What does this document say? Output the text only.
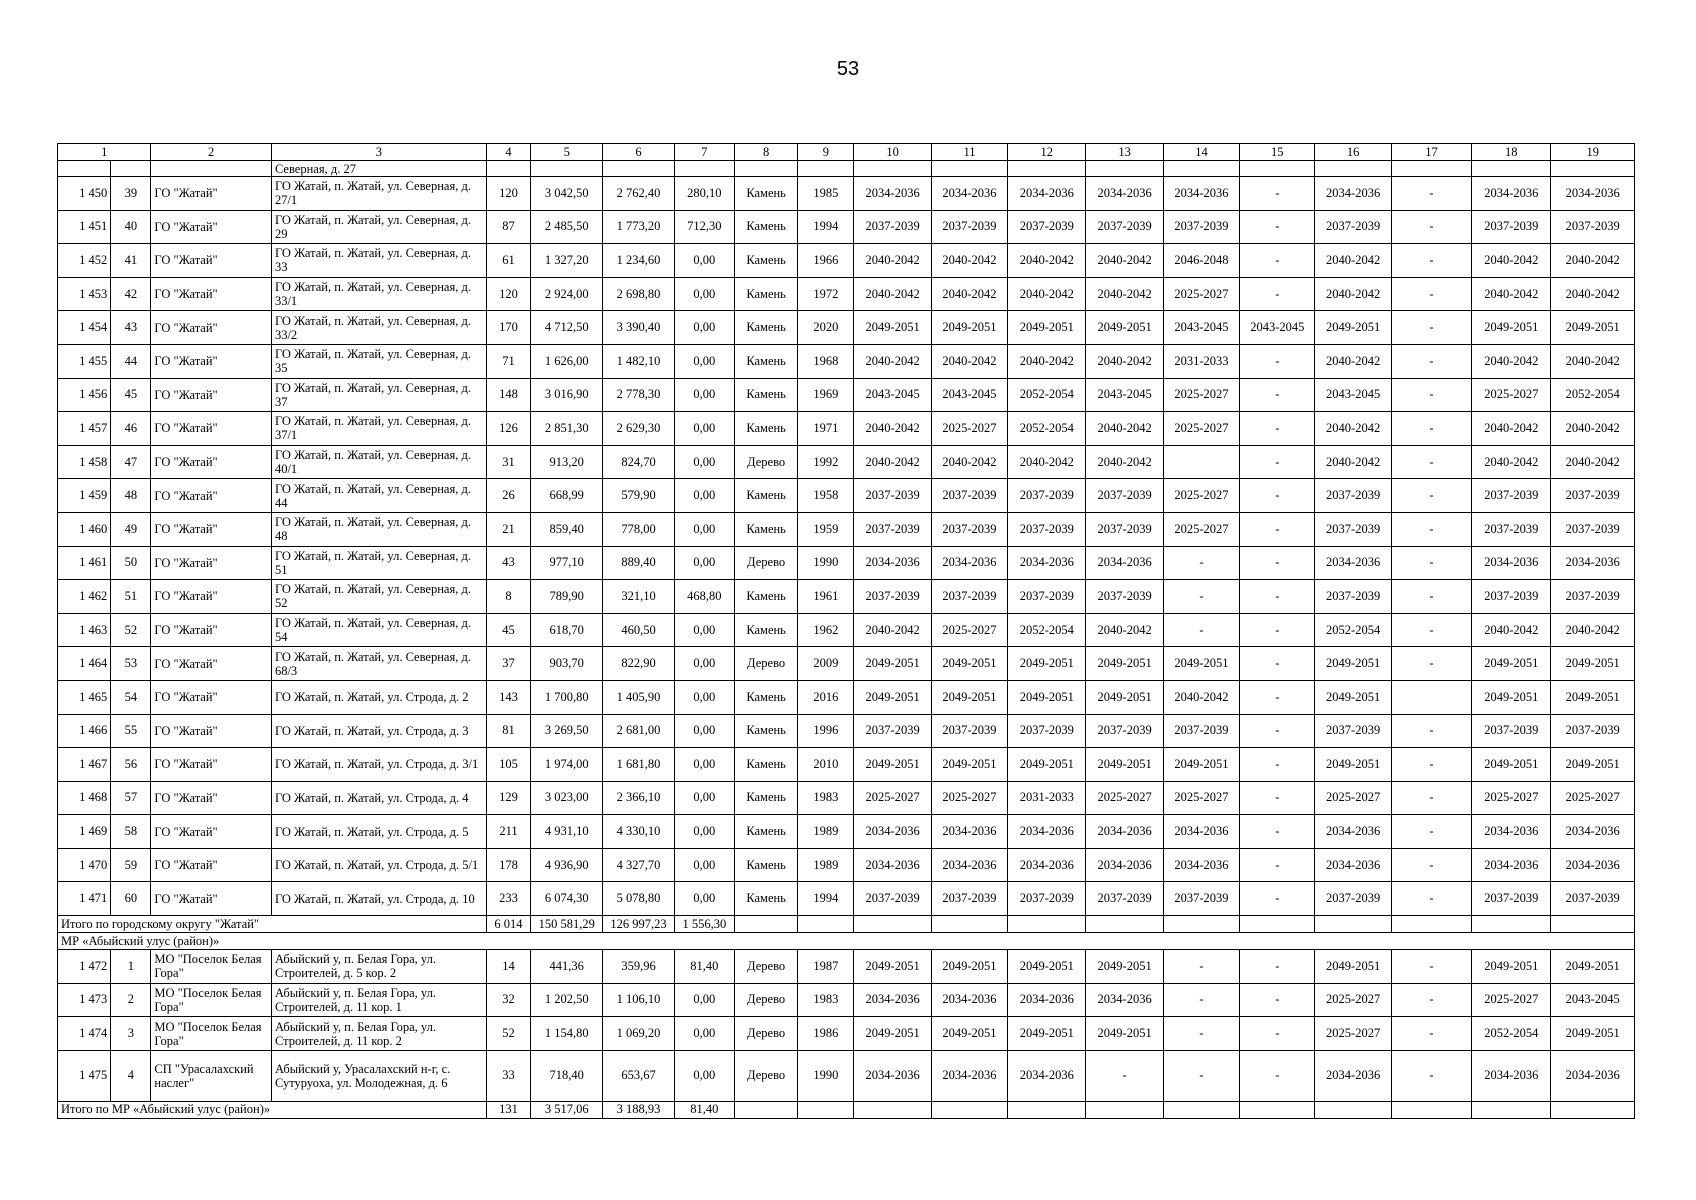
53
1		2	3	4	5	6	7	8	9	10	11	12	13	14	15	16	17	18	19
			Северная, д. 27																
1 450	39	ГО "Жатай"	ГО Жатай, п. Жатай, ул. Северная, д. 27/1	120	3 042,50	2 762,40	280,10	Камень	1985	2034-2036	2034-2036	2034-2036	2034-2036	2034-2036	-	2034-2036	-	2034-2036	2034-2036
1 451	40	ГО "Жатай"	ГО Жатай, п. Жатай, ул. Северная, д. 29	87	2 485,50	1 773,20	712,30	Камень	1994	2037-2039	2037-2039	2037-2039	2037-2039	2037-2039	-	2037-2039	-	2037-2039	2037-2039
1 452	41	ГО "Жатай"	ГО Жатай, п. Жатай, ул. Северная, д. 33	61	1 327,20	1 234,60	0,00	Камень	1966	2040-2042	2040-2042	2040-2042	2040-2042	2046-2048	-	2040-2042	-	2040-2042	2040-2042
1 453	42	ГО "Жатай"	ГО Жатай, п. Жатай, ул. Северная, д. 33/1	120	2 924,00	2 698,80	0,00	Камень	1972	2040-2042	2040-2042	2040-2042	2040-2042	2025-2027	-	2040-2042	-	2040-2042	2040-2042
1 454	43	ГО "Жатай"	ГО Жатай, п. Жатай, ул. Северная, д. 33/2	170	4 712,50	3 390,40	0,00	Камень	2020	2049-2051	2049-2051	2049-2051	2049-2051	2043-2045	2043-2045	2049-2051	-	2049-2051	2049-2051
1 455	44	ГО "Жатай"	ГО Жатай, п. Жатай, ул. Северная, д. 35	71	1 626,00	1 482,10	0,00	Камень	1968	2040-2042	2040-2042	2040-2042	2040-2042	2031-2033	-	2040-2042	-	2040-2042	2040-2042
1 456	45	ГО "Жатай"	ГО Жатай, п. Жатай, ул. Северная, д. 37	148	3 016,90	2 778,30	0,00	Камень	1969	2043-2045	2043-2045	2052-2054	2043-2045	2025-2027	-	2043-2045	-	2025-2027	2052-2054
1 457	46	ГО "Жатай"	ГО Жатай, п. Жатай, ул. Северная, д. 37/1	126	2 851,30	2 629,30	0,00	Камень	1971	2040-2042	2025-2027	2052-2054	2040-2042	2025-2027	-	2040-2042	-	2040-2042	2040-2042
1 458	47	ГО "Жатай"	ГО Жатай, п. Жатай, ул. Северная, д. 40/1	31	913,20	824,70	0,00	Дерево	1992	2040-2042	2040-2042	2040-2042	2040-2042		-	2040-2042	-	2040-2042	2040-2042
1 459	48	ГО "Жатай"	ГО Жатай, п. Жатай, ул. Северная, д. 44	26	668,99	579,90	0,00	Камень	1958	2037-2039	2037-2039	2037-2039	2037-2039	2025-2027	-	2037-2039	-	2037-2039	2037-2039
1 460	49	ГО "Жатай"	ГО Жатай, п. Жатай, ул. Северная, д. 48	21	859,40	778,00	0,00	Камень	1959	2037-2039	2037-2039	2037-2039	2037-2039	2025-2027	-	2037-2039	-	2037-2039	2037-2039
1 461	50	ГО "Жатай"	ГО Жатай, п. Жатай, ул. Северная, д. 51	43	977,10	889,40	0,00	Дерево	1990	2034-2036	2034-2036	2034-2036	2034-2036	-	-	2034-2036	-	2034-2036	2034-2036
1 462	51	ГО "Жатай"	ГО Жатай, п. Жатай, ул. Северная, д. 52	8	789,90	321,10	468,80	Камень	1961	2037-2039	2037-2039	2037-2039	2037-2039	-	-	2037-2039	-	2037-2039	2037-2039
1 463	52	ГО "Жатай"	ГО Жатай, п. Жатай, ул. Северная, д. 54	45	618,70	460,50	0,00	Камень	1962	2040-2042	2025-2027	2052-2054	2040-2042	-	-	2052-2054	-	2040-2042	2040-2042
1 464	53	ГО "Жатай"	ГО Жатай, п. Жатай, ул. Северная, д. 68/3	37	903,70	822,90	0,00	Дерево	2009	2049-2051	2049-2051	2049-2051	2049-2051	2049-2051	-	2049-2051	-	2049-2051	2049-2051
1 465	54	ГО "Жатай"	ГО Жатай, п. Жатай, ул. Строда, д. 2	143	1 700,80	1 405,90	0,00	Камень	2016	2049-2051	2049-2051	2049-2051	2049-2051	2040-2042	-	2049-2051		2049-2051	2049-2051
1 466	55	ГО "Жатай"	ГО Жатай, п. Жатай, ул. Строда, д. 3	81	3 269,50	2 681,00	0,00	Камень	1996	2037-2039	2037-2039	2037-2039	2037-2039	2037-2039	-	2037-2039	-	2037-2039	2037-2039
1 467	56	ГО "Жатай"	ГО Жатай, п. Жатай, ул. Строда, д. 3/1	105	1 974,00	1 681,80	0,00	Камень	2010	2049-2051	2049-2051	2049-2051	2049-2051	2049-2051	-	2049-2051	-	2049-2051	2049-2051
1 468	57	ГО "Жатай"	ГО Жатай, п. Жатай, ул. Строда, д. 4	129	3 023,00	2 366,10	0,00	Камень	1983	2025-2027	2025-2027	2031-2033	2025-2027	2025-2027	-	2025-2027	-	2025-2027	2025-2027
1 469	58	ГО "Жатай"	ГО Жатай, п. Жатай, ул. Строда, д. 5	211	4 931,10	4 330,10	0,00	Камень	1989	2034-2036	2034-2036	2034-2036	2034-2036	2034-2036	-	2034-2036	-	2034-2036	2034-2036
1 470	59	ГО "Жатай"	ГО Жатай, п. Жатай, ул. Строда, д. 5/1	178	4 936,90	4 327,70	0,00	Камень	1989	2034-2036	2034-2036	2034-2036	2034-2036	2034-2036	-	2034-2036	-	2034-2036	2034-2036
1 471	60	ГО "Жатай"	ГО Жатай, п. Жатай, ул. Строда, д. 10	233	6 074,30	5 078,80	0,00	Камень	1994	2037-2039	2037-2039	2037-2039	2037-2039	2037-2039	-	2037-2039	-	2037-2039	2037-2039
Итого по городскому округу "Жатай"				6 014	150 581,29	126 997,23	1 556,30												
МР «Абыйский улус (район)»																			
1 472	1	МО "Поселок Белая Гора"	Абыйский у, п. Белая Гора, ул. Строителей, д. 5 кор. 2	14	441,36	359,96	81,40	Дерево	1987	2049-2051	2049-2051	2049-2051	2049-2051	-	-	2049-2051	-	2049-2051	2049-2051
1 473	2	МО "Поселок Белая Гора"	Абыйский у, п. Белая Гора, ул. Строителей, д. 11 кор. 1	32	1 202,50	1 106,10	0,00	Дерево	1983	2034-2036	2034-2036	2034-2036	2034-2036	-	-	2025-2027	-	2025-2027	2043-2045
1 474	3	МО "Поселок Белая Гора"	Абыйский у, п. Белая Гора, ул. Строителей, д. 11 кор. 2	52	1 154,80	1 069,20	0,00	Дерево	1986	2049-2051	2049-2051	2049-2051	2049-2051	-	-	2025-2027	-	2052-2054	2049-2051
1 475	4	СП "Урасалахский наслег"	Абыйский у, Урасалахский н-г, с. Сутуруоха, ул. Молодежная, д. 6	33	718,40	653,67	0,00	Дерево	1990	2034-2036	2034-2036	2034-2036	-	-	-	2034-2036	-	2034-2036	2034-2036
Итого по МР «Абыйский улус (район)»				131	3 517,06	3 188,93	81,40												
